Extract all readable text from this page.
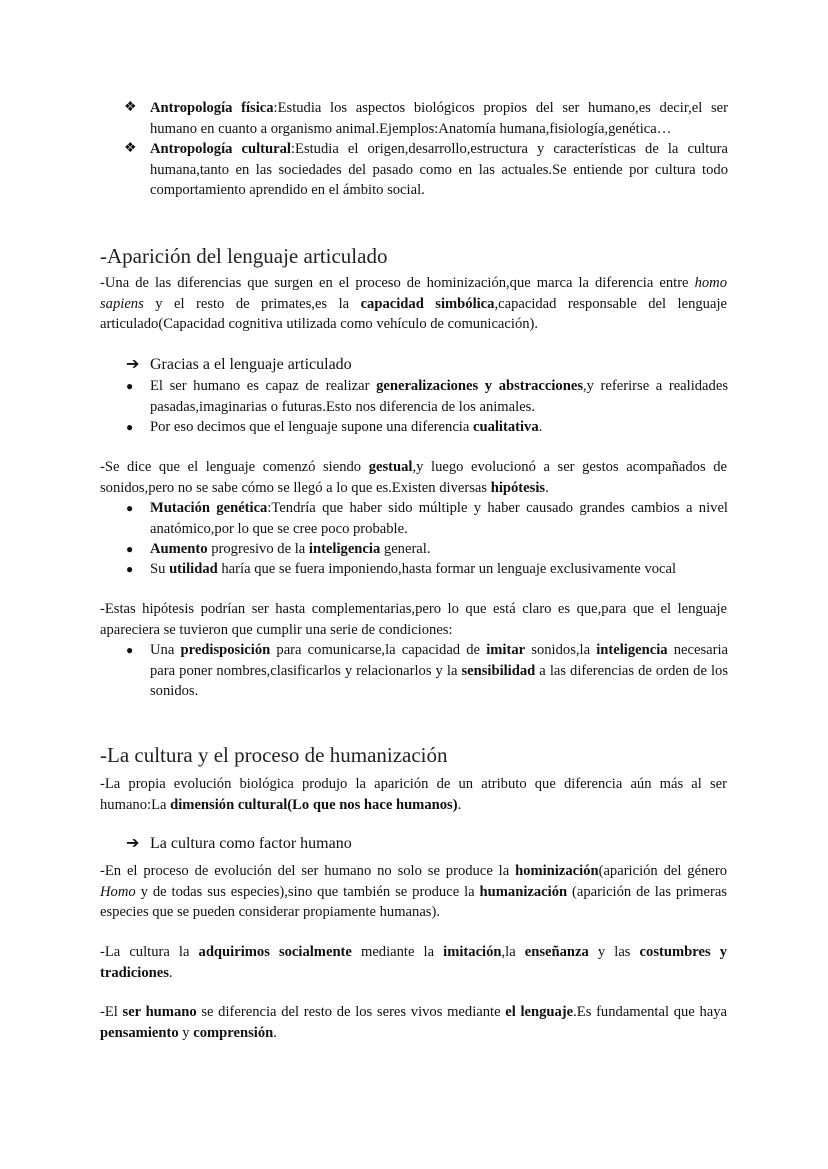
❖ Antropología física:Estudia los aspectos biológicos propios del ser humano,es decir,el ser humano en cuanto a organismo animal.Ejemplos:Anatomía humana,fisiología,genética…
❖ Antropología cultural:Estudia el origen,desarrollo,estructura y características de la cultura humana,tanto en las sociedades del pasado como en las actuales.Se entiende por cultura todo comportamiento aprendido en el ámbito social.
-Aparición del lenguaje articulado
-Una de las diferencias que surgen en el proceso de hominización,que marca la diferencia entre homo sapiens y el resto de primates,es la capacidad simbólica,capacidad responsable del lenguaje articulado(Capacidad cognitiva utilizada como vehículo de comunicación).
➔ Gracias a el lenguaje articulado
● El ser humano es capaz de realizar generalizaciones y abstracciones,y referirse a realidades pasadas,imaginarias o futuras.Esto nos diferencia de los animales.
● Por eso decimos que el lenguaje supone una diferencia cualitativa.
-Se dice que el lenguaje comenzó siendo gestual,y luego evolucionó a ser gestos acompañados de sonidos,pero no se sabe cómo se llegó a lo que es.Existen diversas hipótesis.
● Mutación genética:Tendría que haber sido múltiple y haber causado grandes cambios a nivel anatómico,por lo que se cree poco probable.
● Aumento progresivo de la inteligencia general.
● Su utilidad haría que se fuera imponiendo,hasta formar un lenguaje exclusivamente vocal
-Estas hipótesis podrían ser hasta complementarias,pero lo que está claro es que,para que el lenguaje apareciera se tuvieron que cumplir una serie de condiciones:
● Una predisposición para comunicarse,la capacidad de imitar sonidos,la inteligencia necesaria para poner nombres,clasificarlos y relacionarlos y la sensibilidad a las diferencias de orden de los sonidos.
-La cultura y el proceso de humanización
-La propia evolución biológica produjo la aparición de un atributo que diferencia aún más al ser humano:La dimensión cultural(Lo que nos hace humanos).
➔ La cultura como factor humano
-En el proceso de evolución del ser humano no solo se produce la hominización(aparición del género Homo y de todas sus especies),sino que también se produce la humanización (aparición de las primeras especies que se pueden considerar propiamente humanas).
-La cultura la adquirimos socialmente mediante la imitación,la enseñanza y las costumbres y tradiciones.
-El ser humano se diferencia del resto de los seres vivos mediante el lenguaje.Es fundamental que haya pensamiento y comprensión.
